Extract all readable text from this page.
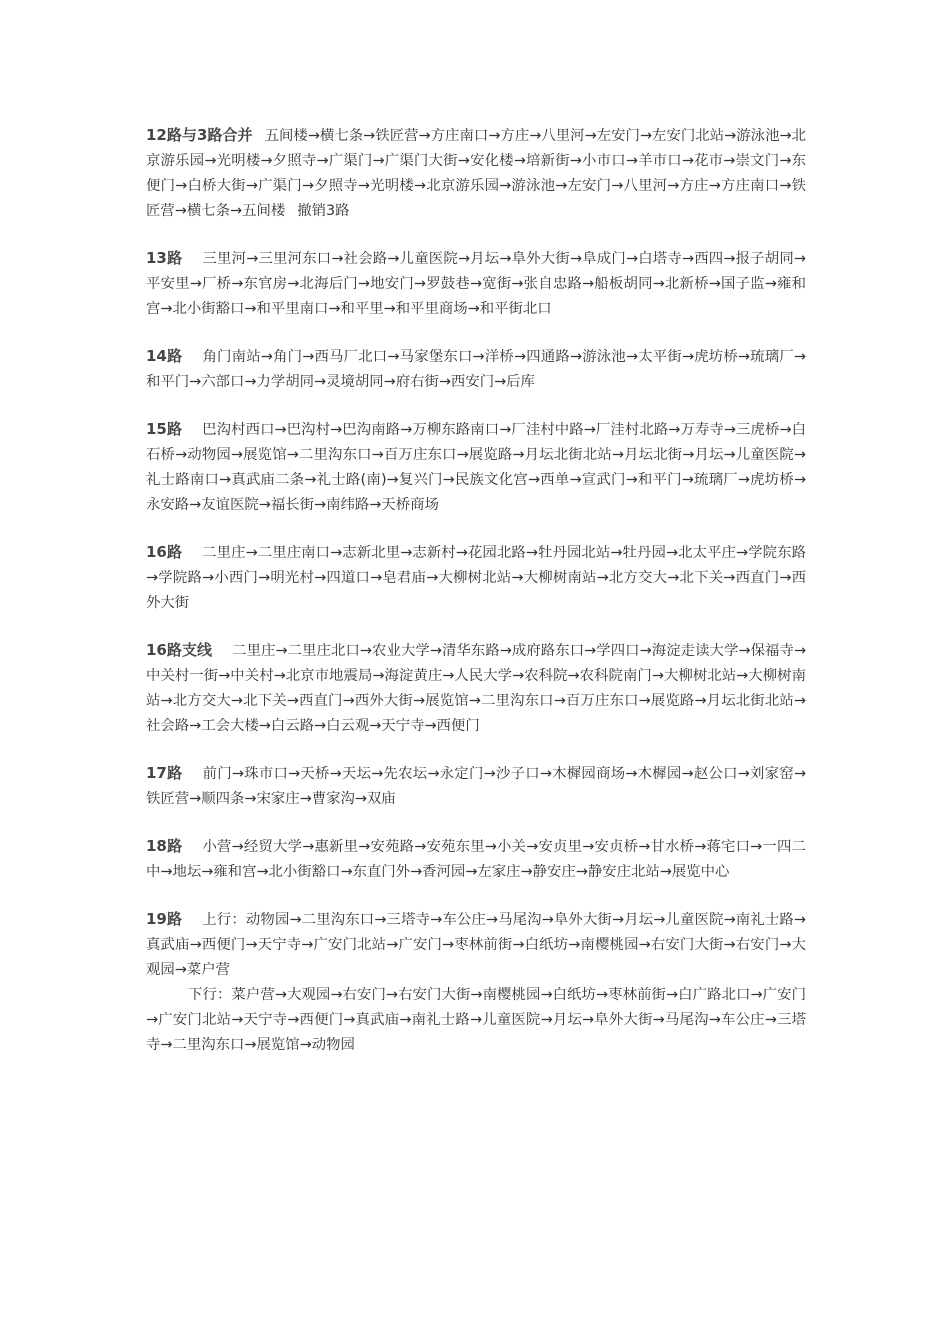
12路与3路合并 五间楼→横七条→铁匠营→方庄南口→方庄→八里河→左安门→左安门北站→游泳池→北京游乐园→光明楼→夕照寺→广渠门→广渠门大街→安化楼→培新街→小市口→羊市口→花市→崇文门→东便门→白桥大街→广渠门→夕照寺→光明楼→北京游乐园→游泳池→左安门→八里河→方庄→方庄南口→铁匠营→横七条→五间楼 撤销3路
13路 三里河→三里河东口→社会路→儿童医院→月坛→阜外大街→阜成门→白塔寺→西四→报子胡同→平安里→厂桥→东官房→北海后门→地安门→罗鼓巷→宽街→张自忠路→船板胡同→北新桥→国子监→雍和宫→北小街豁口→和平里南口→和平里→和平里商场→和平街北口
14路 角门南站→角门→西马厂北口→马家堡东口→洋桥→四通路→游泳池→太平街→虎坊桥→琉璃厂→和平门→六部口→力学胡同→灵境胡同→府右街→西安门→后库
15路 巴沟村西口→巴沟村→巴沟南路→万柳东路南口→厂洼村中路→厂洼村北路→万寿寺→三虎桥→白石桥→动物园→展览馆→二里沟东口→百万庄东口→展览路→月坛北街北站→月坛北街→月坛→儿童医院→礼士路南口→真武庙二条→礼士路(南)→复兴门→民族文化宫→西单→宣武门→和平门→琉璃厂→虎坊桥→永安路→友谊医院→福长街→南纬路→天桥商场
16路 二里庄→二里庄南口→志新北里→志新村→花园北路→牡丹园北站→牡丹园→北太平庄→学院东路→学院路→小西门→明光村→四道口→皂君庙→大柳树北站→大柳树南站→北方交大→北下关→西直门→西外大街
16路支线 二里庄→二里庄北口→农业大学→清华东路→成府路东口→学四口→海淀走读大学→保福寺→中关村一街→中关村→北京市地震局→海淀黄庄→人民大学→农科院→农科院南门→大柳树北站→大柳树南站→北方交大→北下关→西直门→西外大街→展览馆→二里沟东口→百万庄东口→展览路→月坛北街北站→社会路→工会大楼→白云路→白云观→天宁寺→西便门
17路 前门→珠市口→天桥→天坛→先农坛→永定门→沙子口→木樨园商场→木樨园→赵公口→刘家窑→铁匠营→顺四条→宋家庄→曹家沟→双庙
18路 小营→经贸大学→惠新里→安苑路→安苑东里→小关→安贞里→安贞桥→甘水桥→蒋宅口→一四二中→地坛→雍和宫→北小街豁口→东直门外→香河园→左家庄→静安庄→静安庄北站→展览中心
19路 上行：动物园→二里沟东口→三塔寺→车公庄→马尾沟→阜外大街→月坛→儿童医院→南礼士路→真武庙→西便门→天宁寺→广安门北站→广安门→枣林前街→白纸坊→南樱桃园→右安门大街→右安门→大观园→菜户营
下行：菜户营→大观园→右安门→右安门大街→南樱桃园→白纸坊→枣林前街→白广路北口→广安门→广安门北站→天宁寺→西便门→真武庙→南礼士路→儿童医院→月坛→阜外大街→马尾沟→车公庄→三塔寺→二里沟东口→展览馆→动物园
